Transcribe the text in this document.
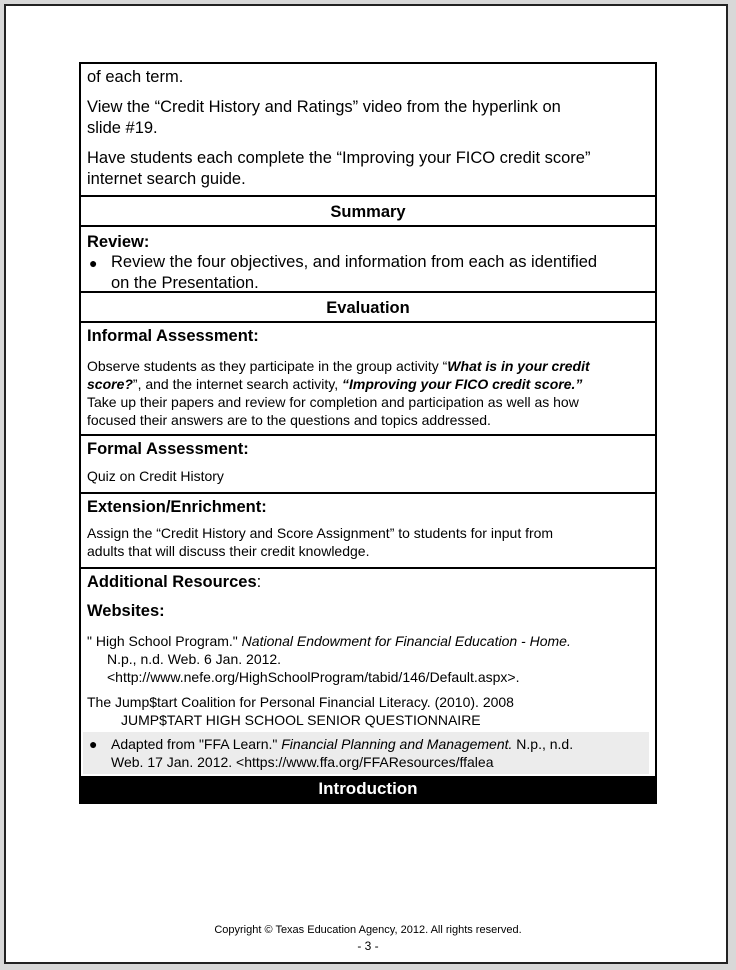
of each term.

View the “Credit History and Ratings” video from the hyperlink on

slide #19.

Have students each complete the “Improving your FICO credit score”

internet search guide.

Summary

Review:

● Review the four objectives, and information from each as identified

on the Presentation.

Evaluation

Informal Assessment:

Observe students as they participate in the group activity “What is in your credit

score?”, and the internet search activity, “Improving your FICO credit score.”

Take up their papers and review for completion and participation as well as how

focused their answers are to the questions and topics addressed.

Formal Assessment:

Quiz on Credit History

Extension/Enrichment:

Assign the “Credit History and Score Assignment” to students for input from

adults that will discuss their credit knowledge.

Additional Resources:

Websites:

" High School Program." National Endowment for Financial Education - Home.

N.p., n.d. Web. 6 Jan. 2012.

<http://www.nefe.org/HighSchoolProgram/tabid/146/Default.aspx>.

The Jump$tart Coalition for Personal Financial Literacy. (2010). 2008

JUMP$TART HIGH SCHOOL SENIOR QUESTIONNAIRE

● Adapted from "FFA Learn." Financial Planning and Management. N.p., n.d.

Web. 17 Jan. 2012. <https://www.ffa.org/FFAResources/ffalea

Introduction
Copyright © Texas Education Agency, 2012. All rights reserved.
- 3 -
